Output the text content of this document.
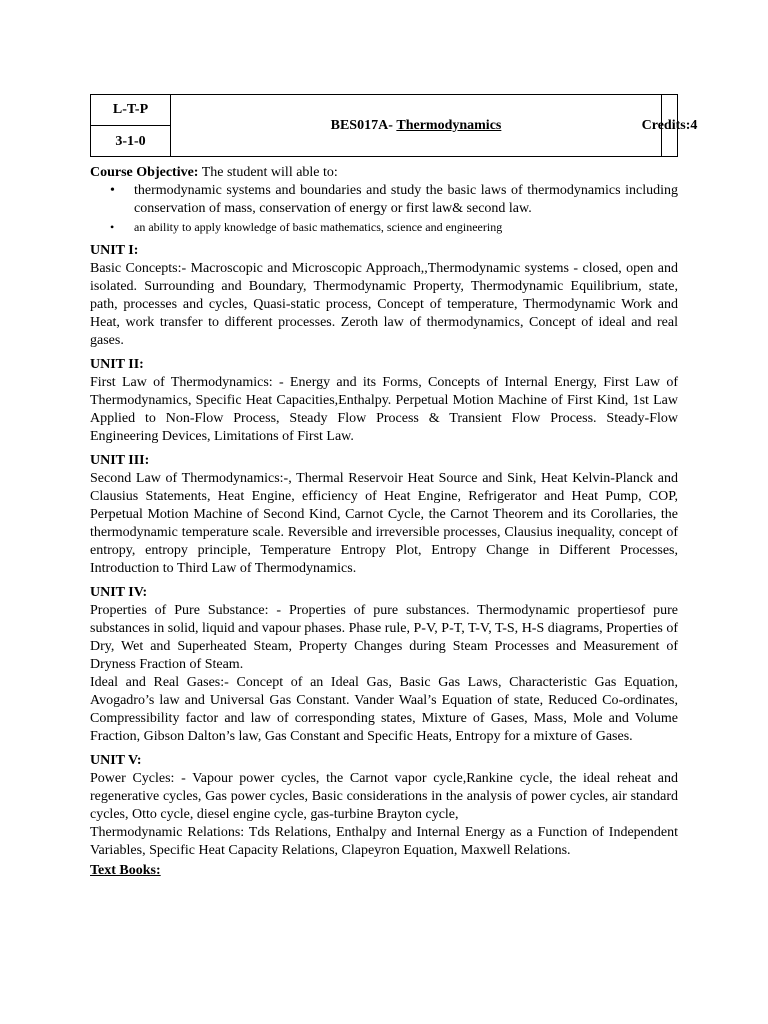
L-T-P
3-1-0
BES017A-
Thermodynamics	Credits:4
Course Objective: The student will able to:
• thermodynamic systems and boundaries and study the basic laws of thermodynamics including conservation of mass, conservation of energy or first law& second law.
• an ability to apply knowledge of basic mathematics, science and engineering
UNIT I:

Basic Concepts:- Macroscopic and Microscopic Approach,,Thermodynamic systems - closed, open and isolated. Surrounding and Boundary, Thermodynamic Property, Thermodynamic Equilibrium, state, path, processes and cycles, Quasi-static process, Concept of temperature, Thermodynamic Work and Heat, work transfer to different processes. Zeroth law of thermodynamics, Concept of ideal and real gases.

UNIT II:

First Law of Thermodynamics: - Energy and its Forms, Concepts of Internal Energy, First Law of Thermodynamics, Specific Heat Capacities,Enthalpy. Perpetual Motion Machine of First Kind, 1st Law Applied to Non-Flow Process, Steady Flow Process & Transient Flow Process. Steady-Flow Engineering Devices, Limitations of First Law.

UNIT III:

Second Law of Thermodynamics:-, Thermal Reservoir Heat Source and Sink, Heat Kelvin-Planck and Clausius Statements, Heat Engine, efficiency of Heat Engine, Refrigerator and Heat Pump, COP, Perpetual Motion Machine of Second Kind, Carnot Cycle, the Carnot Theorem and its Corollaries, the thermodynamic temperature scale. Reversible and irreversible processes, Clausius inequality, concept of entropy, entropy principle, Temperature Entropy Plot, Entropy Change in Different Processes, Introduction to Third Law of Thermodynamics.

UNIT IV:

Properties of Pure Substance: - Properties of pure substances. Thermodynamic propertiesof pure substances in solid, liquid and vapour phases. Phase rule, P-V, P-T, T-V, T-S, H-S diagrams, Properties of Dry, Wet and Superheated Steam, Property Changes during Steam Processes and Measurement of Dryness Fraction of Steam.

Ideal and Real Gases:- Concept of an Ideal Gas, Basic Gas Laws, Characteristic Gas Equation, Avogadro’s law and Universal Gas Constant. Vander Waal’s Equation of state, Reduced Co-ordinates, Compressibility factor and law of corresponding states, Mixture of Gases, Mass, Mole and Volume Fraction, Gibson Dalton’s law, Gas Constant and Specific Heats, Entropy for a mixture of Gases.

UNIT V:

Power Cycles: - Vapour power cycles, the Carnot vapor cycle,Rankine cycle, the ideal reheat and regenerative cycles, Gas power cycles, Basic considerations in the analysis of power cycles, air standard cycles, Otto cycle, diesel engine cycle, gas-turbine Brayton cycle,

Thermodynamic Relations: Tds Relations, Enthalpy and Internal Energy as a Function of Independent Variables, Specific Heat Capacity Relations, Clapeyron Equation, Maxwell Relations.

Text Books:
